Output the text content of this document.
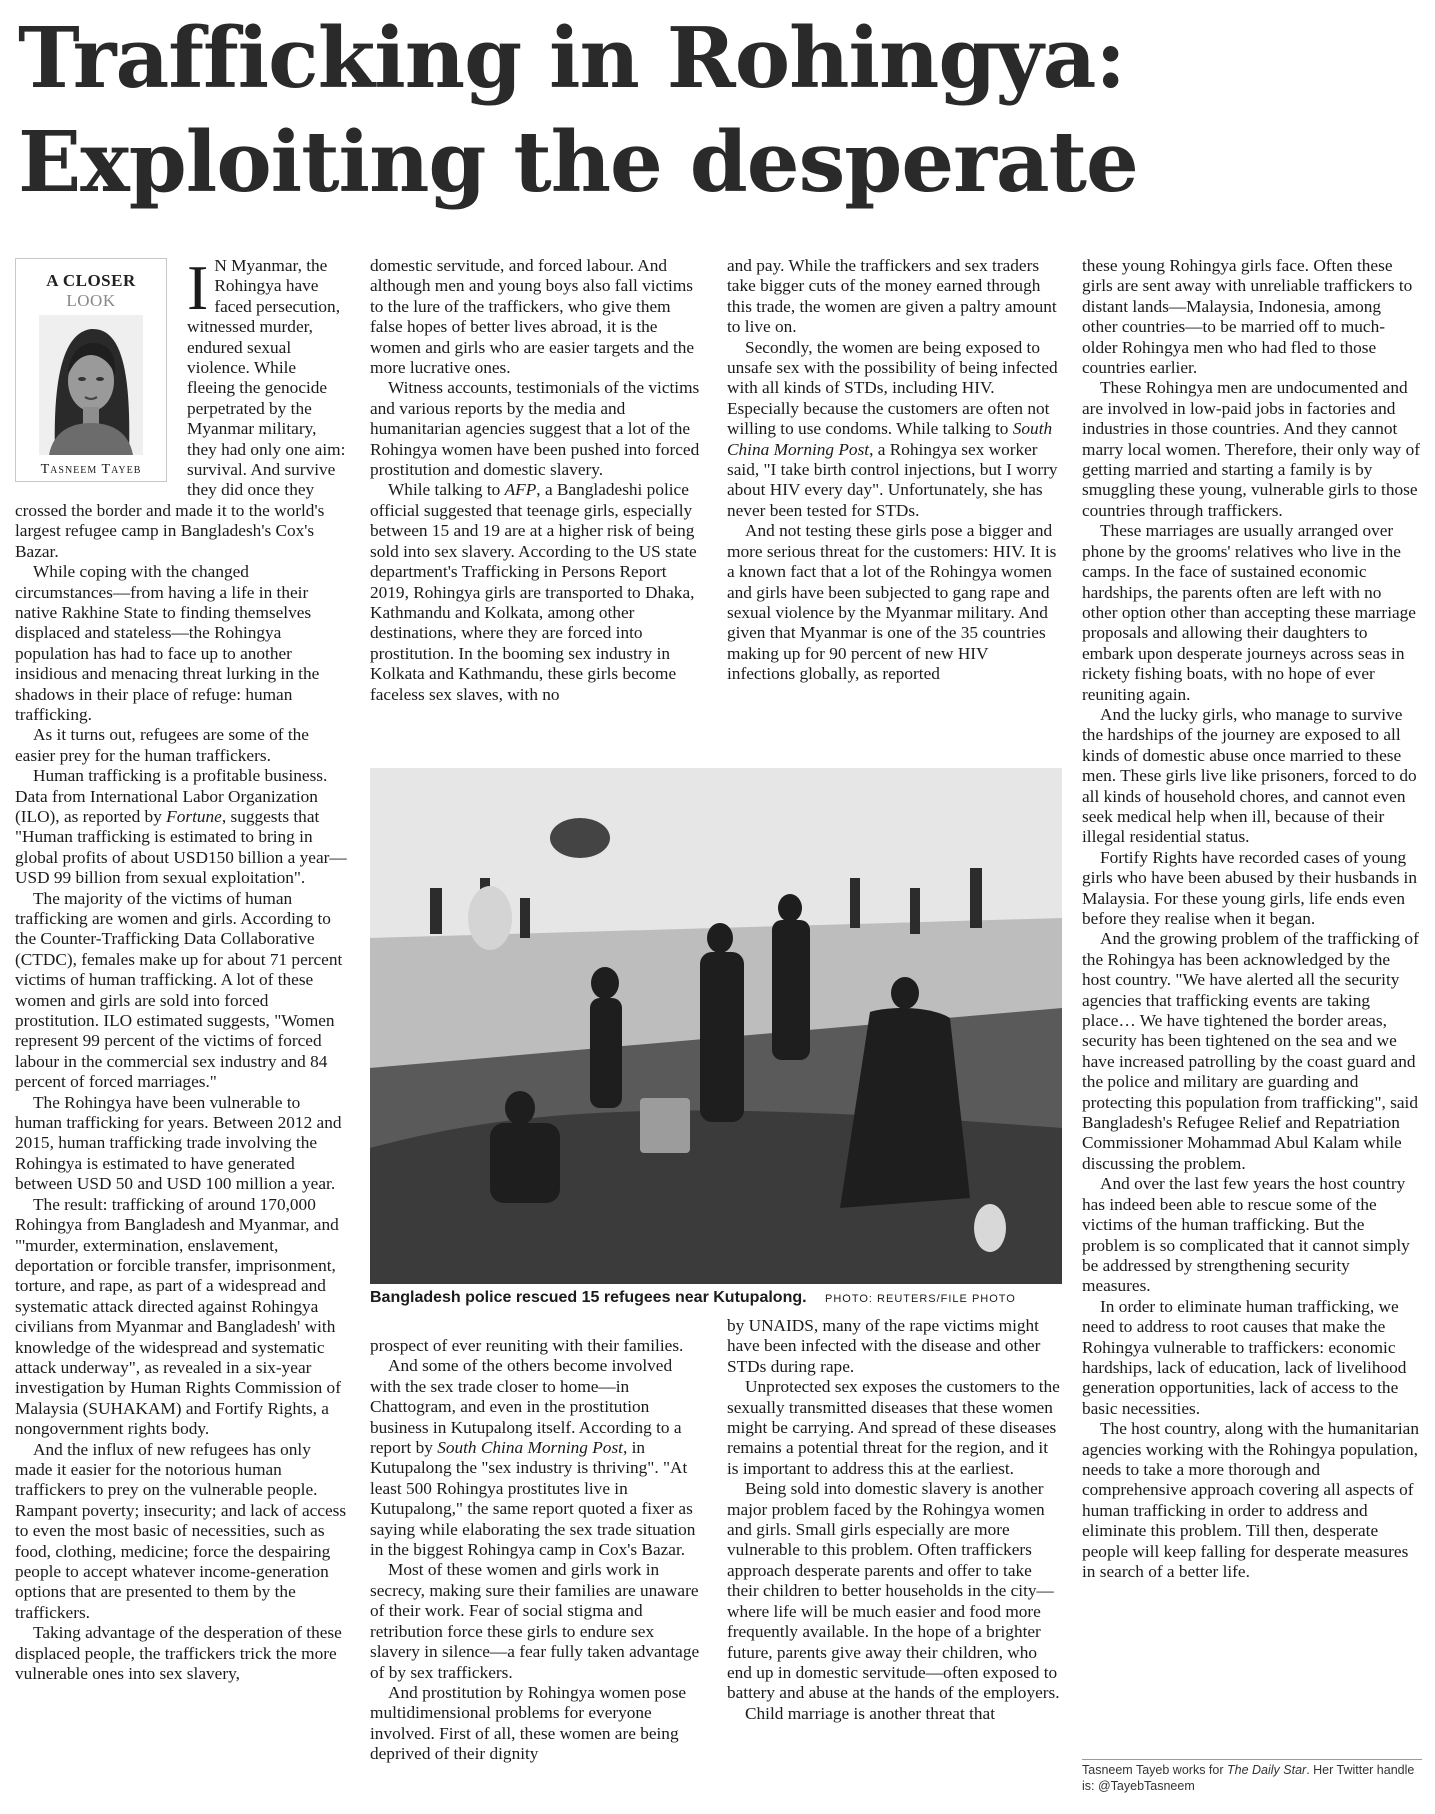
Trafficking in Rohingya:
Exploiting the desperate

I N Myanmar, the Rohingya have faced persecution, witnessed murder, endured sexual violence. While fleeing the genocide perpetrated by the Myanmar military, they had only one aim: survival. And survive they did once they crossed the border and made it to the world's largest refugee camp in Bangladesh's Cox's Bazar.

While coping with the changed circumstances—from having a life in their native Rakhine State to finding themselves displaced and stateless—the Rohingya population has had to face up to another insidious and menacing threat lurking in the shadows in their place of refuge: human trafficking.

As it turns out, refugees are some of the easier prey for the human traffickers.

Human trafficking is a profitable business. Data from International Labor Organization (ILO), as reported by Fortune, suggests that "Human trafficking is estimated to bring in global profits of about USD150 billion a year—USD 99 billion from sexual exploitation".

The majority of the victims of human trafficking are women and girls. According to the Counter-Trafficking Data Collaborative (CTDC), females make up for about 71 percent victims of human trafficking. A lot of these women and girls are sold into forced prostitution. ILO estimated suggests, "Women represent 99 percent of the victims of forced labour in the commercial sex industry and 84 percent of forced marriages."

The Rohingya have been vulnerable to human trafficking for years. Between 2012 and 2015, human trafficking trade involving the Rohingya is estimated to have generated between USD 50 and USD 100 million a year.

The result: trafficking of around 170,000 Rohingya from Bangladesh and Myanmar, and "'murder, extermination, enslavement, deportation or forcible transfer, imprisonment, torture, and rape, as part of a widespread and systematic attack directed against Rohingya civilians from Myanmar and Bangladesh' with knowledge of the widespread and systematic attack underway", as revealed in a six-year investigation by Human Rights Commission of Malaysia (SUHAKAM) and Fortify Rights, a nongovernment rights body.

And the influx of new refugees has only made it easier for the notorious human traffickers to prey on the vulnerable people. Rampant poverty; insecurity; and lack of access to even the most basic of necessities, such as food, clothing, medicine; force the despairing people to accept whatever income-generation options that are presented to them by the traffickers.

Taking advantage of the desperation of these displaced people, the traffickers trick the more vulnerable ones into sex slavery,

A CLOSER
LOOK
Tasneem Tayeb

domestic servitude, and forced labour. And although men and young boys also fall victims to the lure of the traffickers, who give them false hopes of better lives abroad, it is the women and girls who are easier targets and the more lucrative ones.

Witness accounts, testimonials of the victims and various reports by the media and humanitarian agencies suggest that a lot of the Rohingya women have been pushed into forced prostitution and domestic slavery.

While talking to AFP, a Bangladeshi police official suggested that teenage girls, especially between 15 and 19 are at a higher risk of being sold into sex slavery. According to the US state department's Trafficking in Persons Report 2019, Rohingya girls are transported to Dhaka, Kathmandu and Kolkata, among other destinations, where they are forced into prostitution. In the booming sex industry in Kolkata and Kathmandu, these girls become faceless sex slaves, with no

and pay. While the traffickers and sex traders take bigger cuts of the money earned through this trade, the women are given a paltry amount to live on.

Secondly, the women are being exposed to unsafe sex with the possibility of being infected with all kinds of STDs, including HIV. Especially because the customers are often not willing to use condoms. While talking to South China Morning Post, a Rohingya sex worker said, "I take birth control injections, but I worry about HIV every day". Unfortunately, she has never been tested for STDs.

And not testing these girls pose a bigger and more serious threat for the customers: HIV. It is a known fact that a lot of the Rohingya women and girls have been subjected to gang rape and sexual violence by the Myanmar military. And given that Myanmar is one of the 35 countries making up for 90 percent of new HIV infections globally, as reported

Bangladesh police rescued 15 refugees near Kutupalong. PHOTO: REUTERS/FILE PHOTO

prospect of ever reuniting with their families.

And some of the others become involved with the sex trade closer to home—in Chattogram, and even in the prostitution business in Kutupalong itself. According to a report by South China Morning Post, in Kutupalong the "sex industry is thriving". "At least 500 Rohingya prostitutes live in Kutupalong," the same report quoted a fixer as saying while elaborating the sex trade situation in the biggest Rohingya camp in Cox's Bazar.

Most of these women and girls work in secrecy, making sure their families are unaware of their work. Fear of social stigma and retribution force these girls to endure sex slavery in silence—a fear fully taken advantage of by sex traffickers.

And prostitution by Rohingya women pose multidimensional problems for everyone involved. First of all, these women are being deprived of their dignity

by UNAIDS, many of the rape victims might have been infected with the disease and other STDs during rape.

Unprotected sex exposes the customers to the sexually transmitted diseases that these women might be carrying. And spread of these diseases remains a potential threat for the region, and it is important to address this at the earliest.

Being sold into domestic slavery is another major problem faced by the Rohingya women and girls. Small girls especially are more vulnerable to this problem. Often traffickers approach desperate parents and offer to take their children to better households in the city—where life will be much easier and food more frequently available. In the hope of a brighter future, parents give away their children, who end up in domestic servitude—often exposed to battery and abuse at the hands of the employers.

Child marriage is another threat that

these young Rohingya girls face. Often these girls are sent away with unreliable traffickers to distant lands—Malaysia, Indonesia, among other countries—to be married off to much-older Rohingya men who had fled to those countries earlier.

These Rohingya men are undocumented and are involved in low-paid jobs in factories and industries in those countries. And they cannot marry local women. Therefore, their only way of getting married and starting a family is by smuggling these young, vulnerable girls to those countries through traffickers.

These marriages are usually arranged over phone by the grooms' relatives who live in the camps. In the face of sustained economic hardships, the parents often are left with no other option other than accepting these marriage proposals and allowing their daughters to embark upon desperate journeys across seas in rickety fishing boats, with no hope of ever reuniting again.

And the lucky girls, who manage to survive the hardships of the journey are exposed to all kinds of domestic abuse once married to these men. These girls live like prisoners, forced to do all kinds of household chores, and cannot even seek medical help when ill, because of their illegal residential status.

Fortify Rights have recorded cases of young girls who have been abused by their husbands in Malaysia. For these young girls, life ends even before they realise when it began.

And the growing problem of the trafficking of the Rohingya has been acknowledged by the host country. "We have alerted all the security agencies that trafficking events are taking place… We have tightened the border areas, security has been tightened on the sea and we have increased patrolling by the coast guard and the police and military are guarding and protecting this population from trafficking", said Bangladesh's Refugee Relief and Repatriation Commissioner Mohammad Abul Kalam while discussing the problem.

And over the last few years the host country has indeed been able to rescue some of the victims of the human trafficking. But the problem is so complicated that it cannot simply be addressed by strengthening security measures.

In order to eliminate human trafficking, we need to address to root causes that make the Rohingya vulnerable to traffickers: economic hardships, lack of education, lack of livelihood generation opportunities, lack of access to the basic necessities.

The host country, along with the humanitarian agencies working with the Rohingya population, needs to take a more thorough and comprehensive approach covering all aspects of human trafficking in order to address and eliminate this problem. Till then, desperate people will keep falling for desperate measures in search of a better life.

Tasneem Tayeb works for The Daily Star. Her Twitter handle is: @TayebTasneem
